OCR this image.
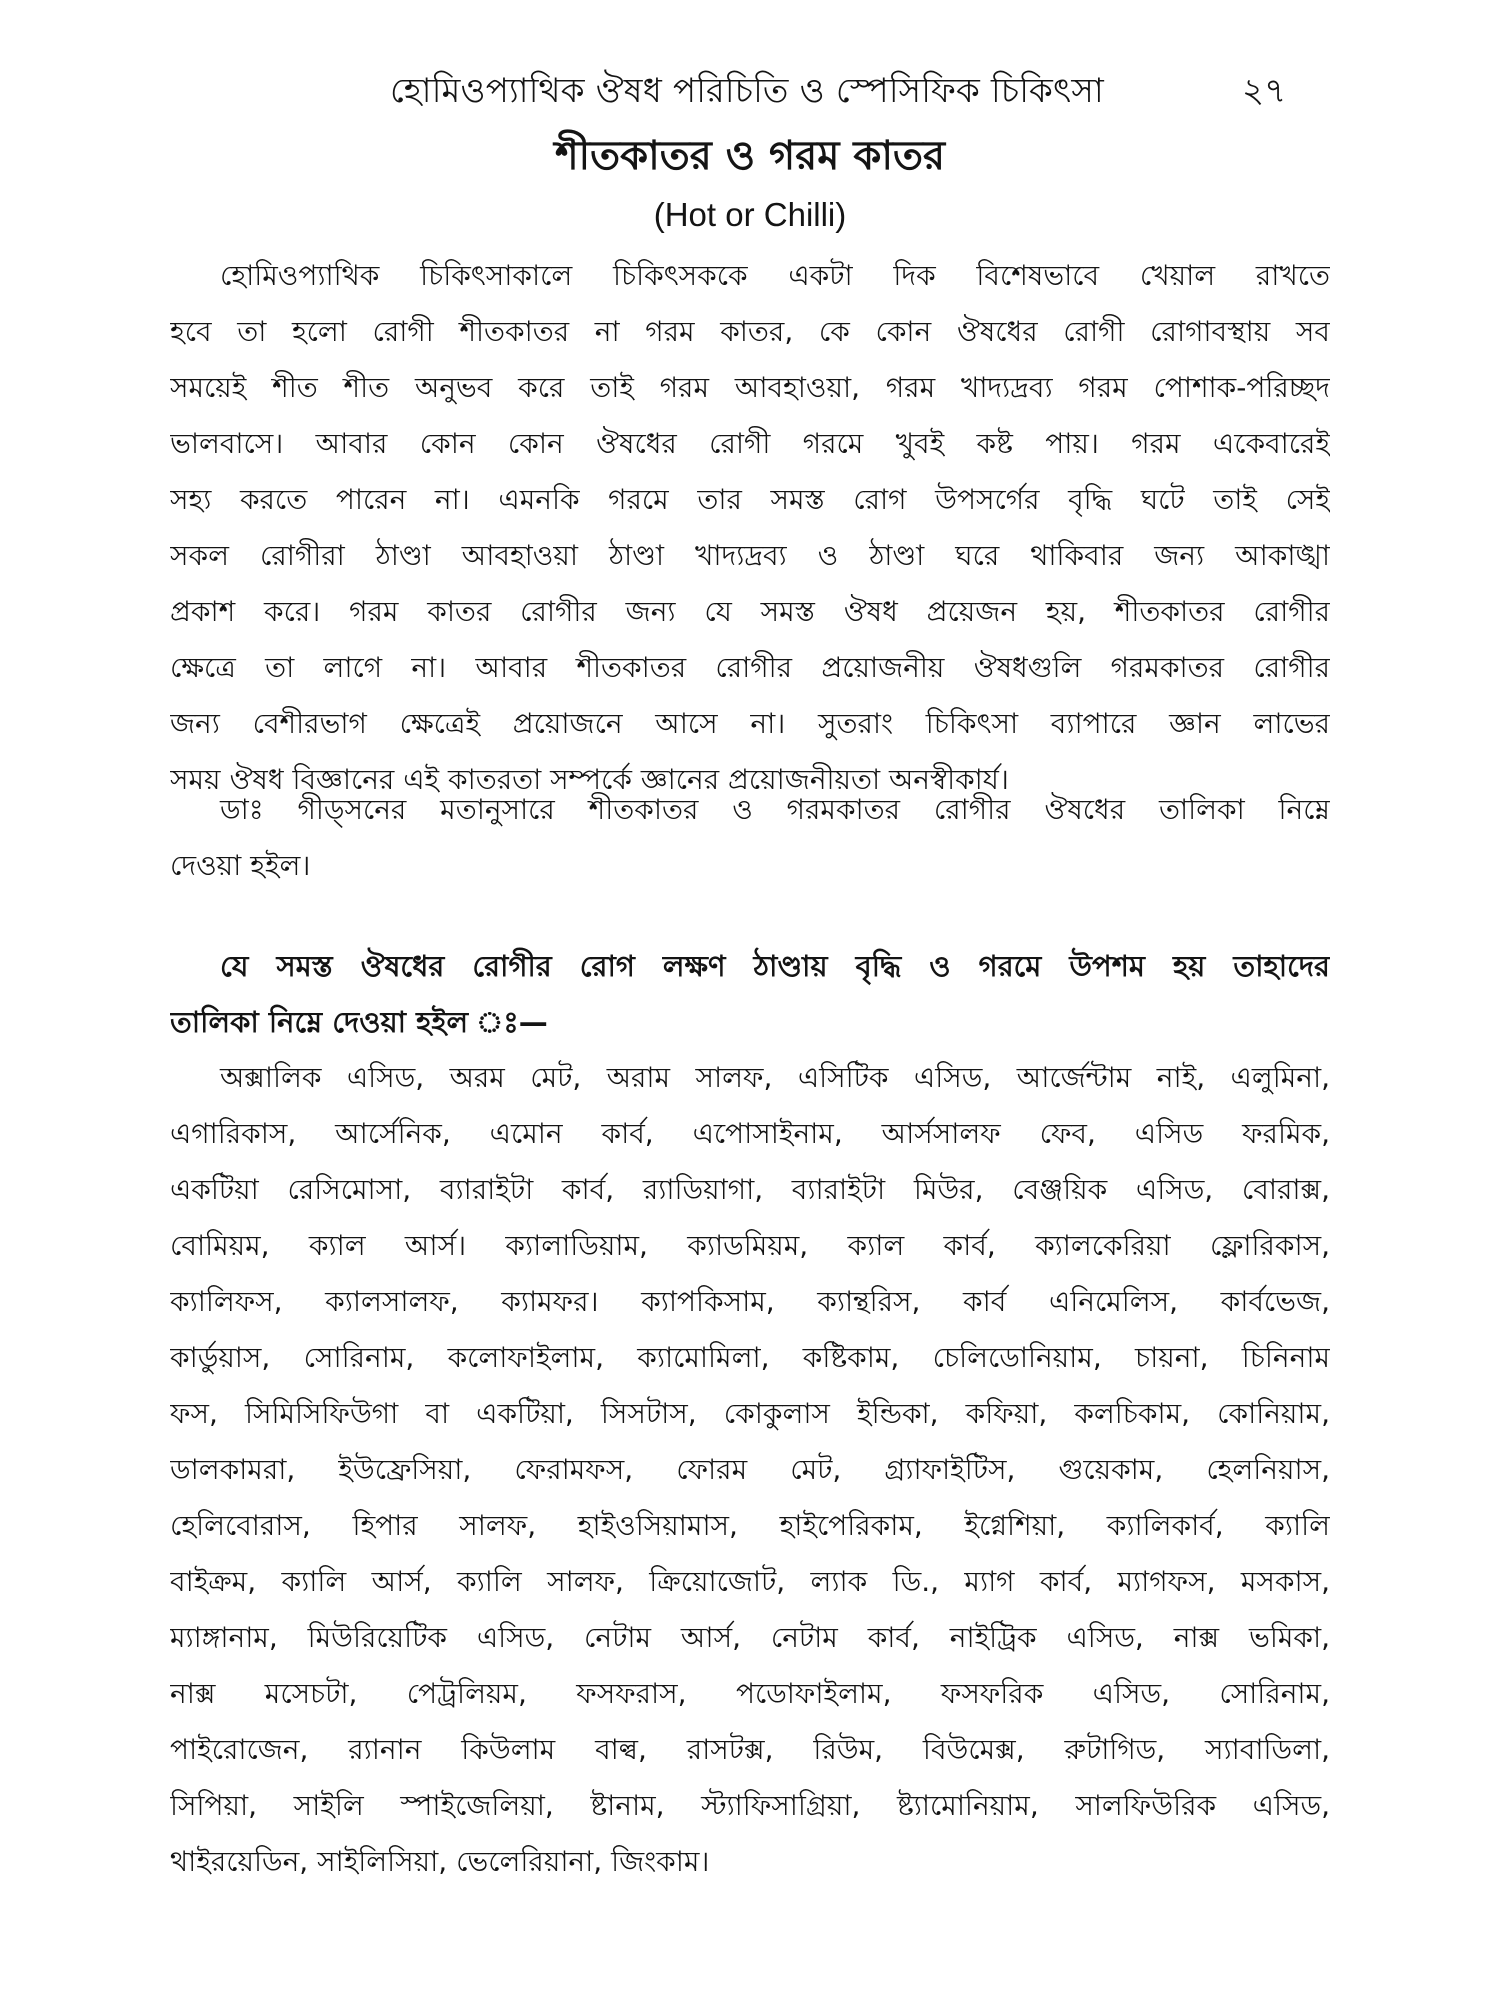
হোমিওপ্যাথিক ঔষধ পরিচিতি ও স্পেসিফিক চিকিৎসা	২৭
শীতকাতর ও গরম কাতর
(Hot or Chilli)
হোমিওপ্যাথিক চিকিৎসাকালে চিকিৎসককে একটা দিক বিশেষভাবে খেয়াল রাখতে
হবে তা হলো রোগী শীতকাতর না গরম কাতর, কে কোন ঔষধের রোগী রোগাবস্থায় সব
সময়েই শীত শীত অনুভব করে তাই গরম আবহাওয়া, গরম খাদ্যদ্রব্য গরম পোশাক-পরিচ্ছদ
ভালবাসে। আবার কোন কোন ঔষধের রোগী গরমে খুবই কষ্ট পায়। গরম একেবারেই
সহ্য করতে পারেন না। এমনকি গরমে তার সমস্ত রোগ উপসর্গের বৃদ্ধি ঘটে তাই সেই
সকল রোগীরা ঠাণ্ডা আবহাওয়া ঠাণ্ডা খাদ্যদ্রব্য ও ঠাণ্ডা ঘরে থাকিবার জন্য আকাঙ্খা
প্রকাশ করে। গরম কাতর রোগীর জন্য যে সমস্ত ঔষধ প্রয়েজন হয়, শীতকাতর রোগীর
ক্ষেত্রে তা লাগে না। আবার শীতকাতর রোগীর প্রয়োজনীয় ঔষধগুলি গরমকাতর রোগীর
জন্য বেশীরভাগ ক্ষেত্রেই প্রয়োজনে আসে না। সুতরাং চিকিৎসা ব্যাপারে জ্ঞান লাভের
সময় ঔষধ বিজ্ঞানের এই কাতরতা সম্পর্কে জ্ঞানের প্রয়োজনীয়তা অনস্বীকার্য।
ডাঃ গীড্সনের মতানুসারে শীতকাতর ও গরমকাতর রোগীর ঔষধের তালিকা নিম্নে
দেওয়া হইল।
যে সমস্ত ঔষধের রোগীর রোগ লক্ষণ ঠাণ্ডায় বৃদ্ধি ও গরমে উপশম হয় তাহাদের
তালিকা নিম্নে দেওয়া হইল ঃ—
অক্সালিক এসিড, অরম মেট, অরাম সালফ, এসিটিক এসিড, আর্জেন্টাম নাই, এলুমিনা,
এগারিকাস, আর্সেনিক, এমোন কার্ব, এপোসাইনাম, আর্সসালফ ফেব, এসিড ফরমিক,
একটিয়া রেসিমোসা, ব্যারাইটা কার্ব, র‍্যাডিয়াগা, ব্যারাইটা মিউর, বেঞ্জয়িক এসিড, বোরাক্স,
বোমিয়ম, ক্যাল আর্স। ক্যালাডিয়াম, ক্যাডমিয়ম, ক্যাল কার্ব, ক্যালকেরিয়া ফ্লোরিকাস,
ক্যালিফস, ক্যালসালফ, ক্যামফর। ক্যাপকিসাম, ক্যান্থরিস, কার্ব এনিমেলিস, কার্বভেজ,
কার্ডুয়াস, সোরিনাম, কলোফাইলাম, ক্যামোমিলা, কষ্টিকাম, চেলিডোনিয়াম, চায়না, চিনিনাম
ফস, সিমিসিফিউগা বা একটিয়া, সিসটাস, কোকুলাস ইন্ডিকা, কফিয়া, কলচিকাম, কোনিয়াম,
ডালকামরা, ইউফ্রেসিয়া, ফেরামফস, ফোরম মেট, গ্র্যাফাইটিস, গুয়েকাম, হেলনিয়াস,
হেলিবোরাস, হিপার সালফ, হাইওসিয়ামাস, হাইপেরিকাম, ইগ্নেশিয়া, ক্যালিকার্ব, ক্যালি
বাইক্রম, ক্যালি আর্স, ক্যালি সালফ, ক্রিয়োজোট, ল্যাক ডি., ম্যাগ কার্ব, ম্যাগফস, মসকাস,
ম্যাঙ্গানাম, মিউরিয়েটিক এসিড, নেটাম আর্স, নেটাম কার্ব, নাইট্রিক এসিড, নাক্স ভমিকা,
নাক্স মসেচটা, পেট্রলিয়ম, ফসফরাস, পডোফাইলাম, ফসফরিক এসিড, সোরিনাম,
পাইরোজেন, র‍্যানান কিউলাম বাল্ব, রাসটক্স, রিউম, বিউমেক্স, রুটাগিড, স্যাবাডিলা,
সিপিয়া, সাইলি স্পাইজেলিয়া, ষ্টানাম, স্ট্যাফিসাগ্রিয়া, ষ্ট্যামোনিয়াম, সালফিউরিক এসিড,
থাইরয়েডিন, সাইলিসিয়া, ভেলেরিয়ানা, জিংকাম।
